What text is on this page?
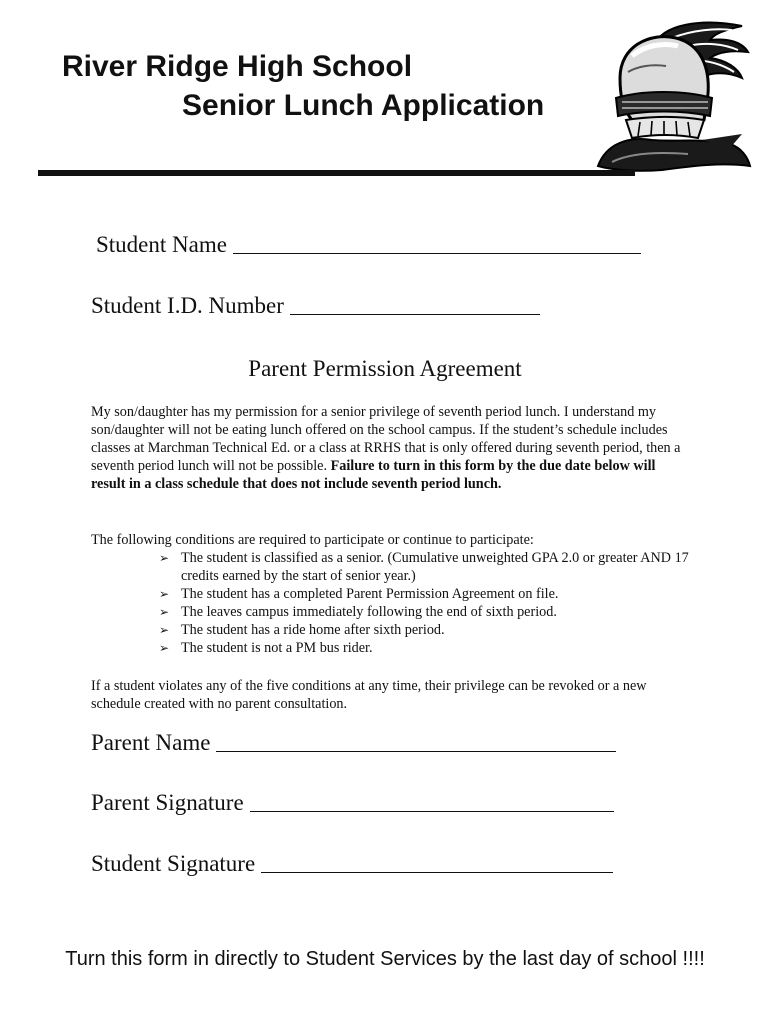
River Ridge High School
Senior Lunch Application
Student Name
Student I.D. Number
Parent Permission Agreement
My son/daughter has my permission for a senior privilege of seventh period lunch. I understand my son/daughter will not be eating lunch offered on the school campus. If the student’s schedule includes classes at Marchman Technical Ed. or a class at RRHS that is only offered during seventh period, then a seventh period lunch will not be possible. Failure to turn in this form by the due date below will result in a class schedule that does not include seventh period lunch.
The following conditions are required to participate or continue to participate:
➢ The student is classified as a senior. (Cumulative unweighted GPA 2.0 or greater AND 17 credits earned by the start of senior year.)
➢ The student has a completed Parent Permission Agreement on file.
➢ The leaves campus immediately following the end of sixth period.
➢ The student has a ride home after sixth period.
➢ The student is not a PM bus rider.
If a student violates any of the five conditions at any time, their privilege can be revoked or a new schedule created with no parent consultation.
Parent Name
Parent Signature
Student Signature
Turn this form in directly to Student Services by the last day of school !!!!
